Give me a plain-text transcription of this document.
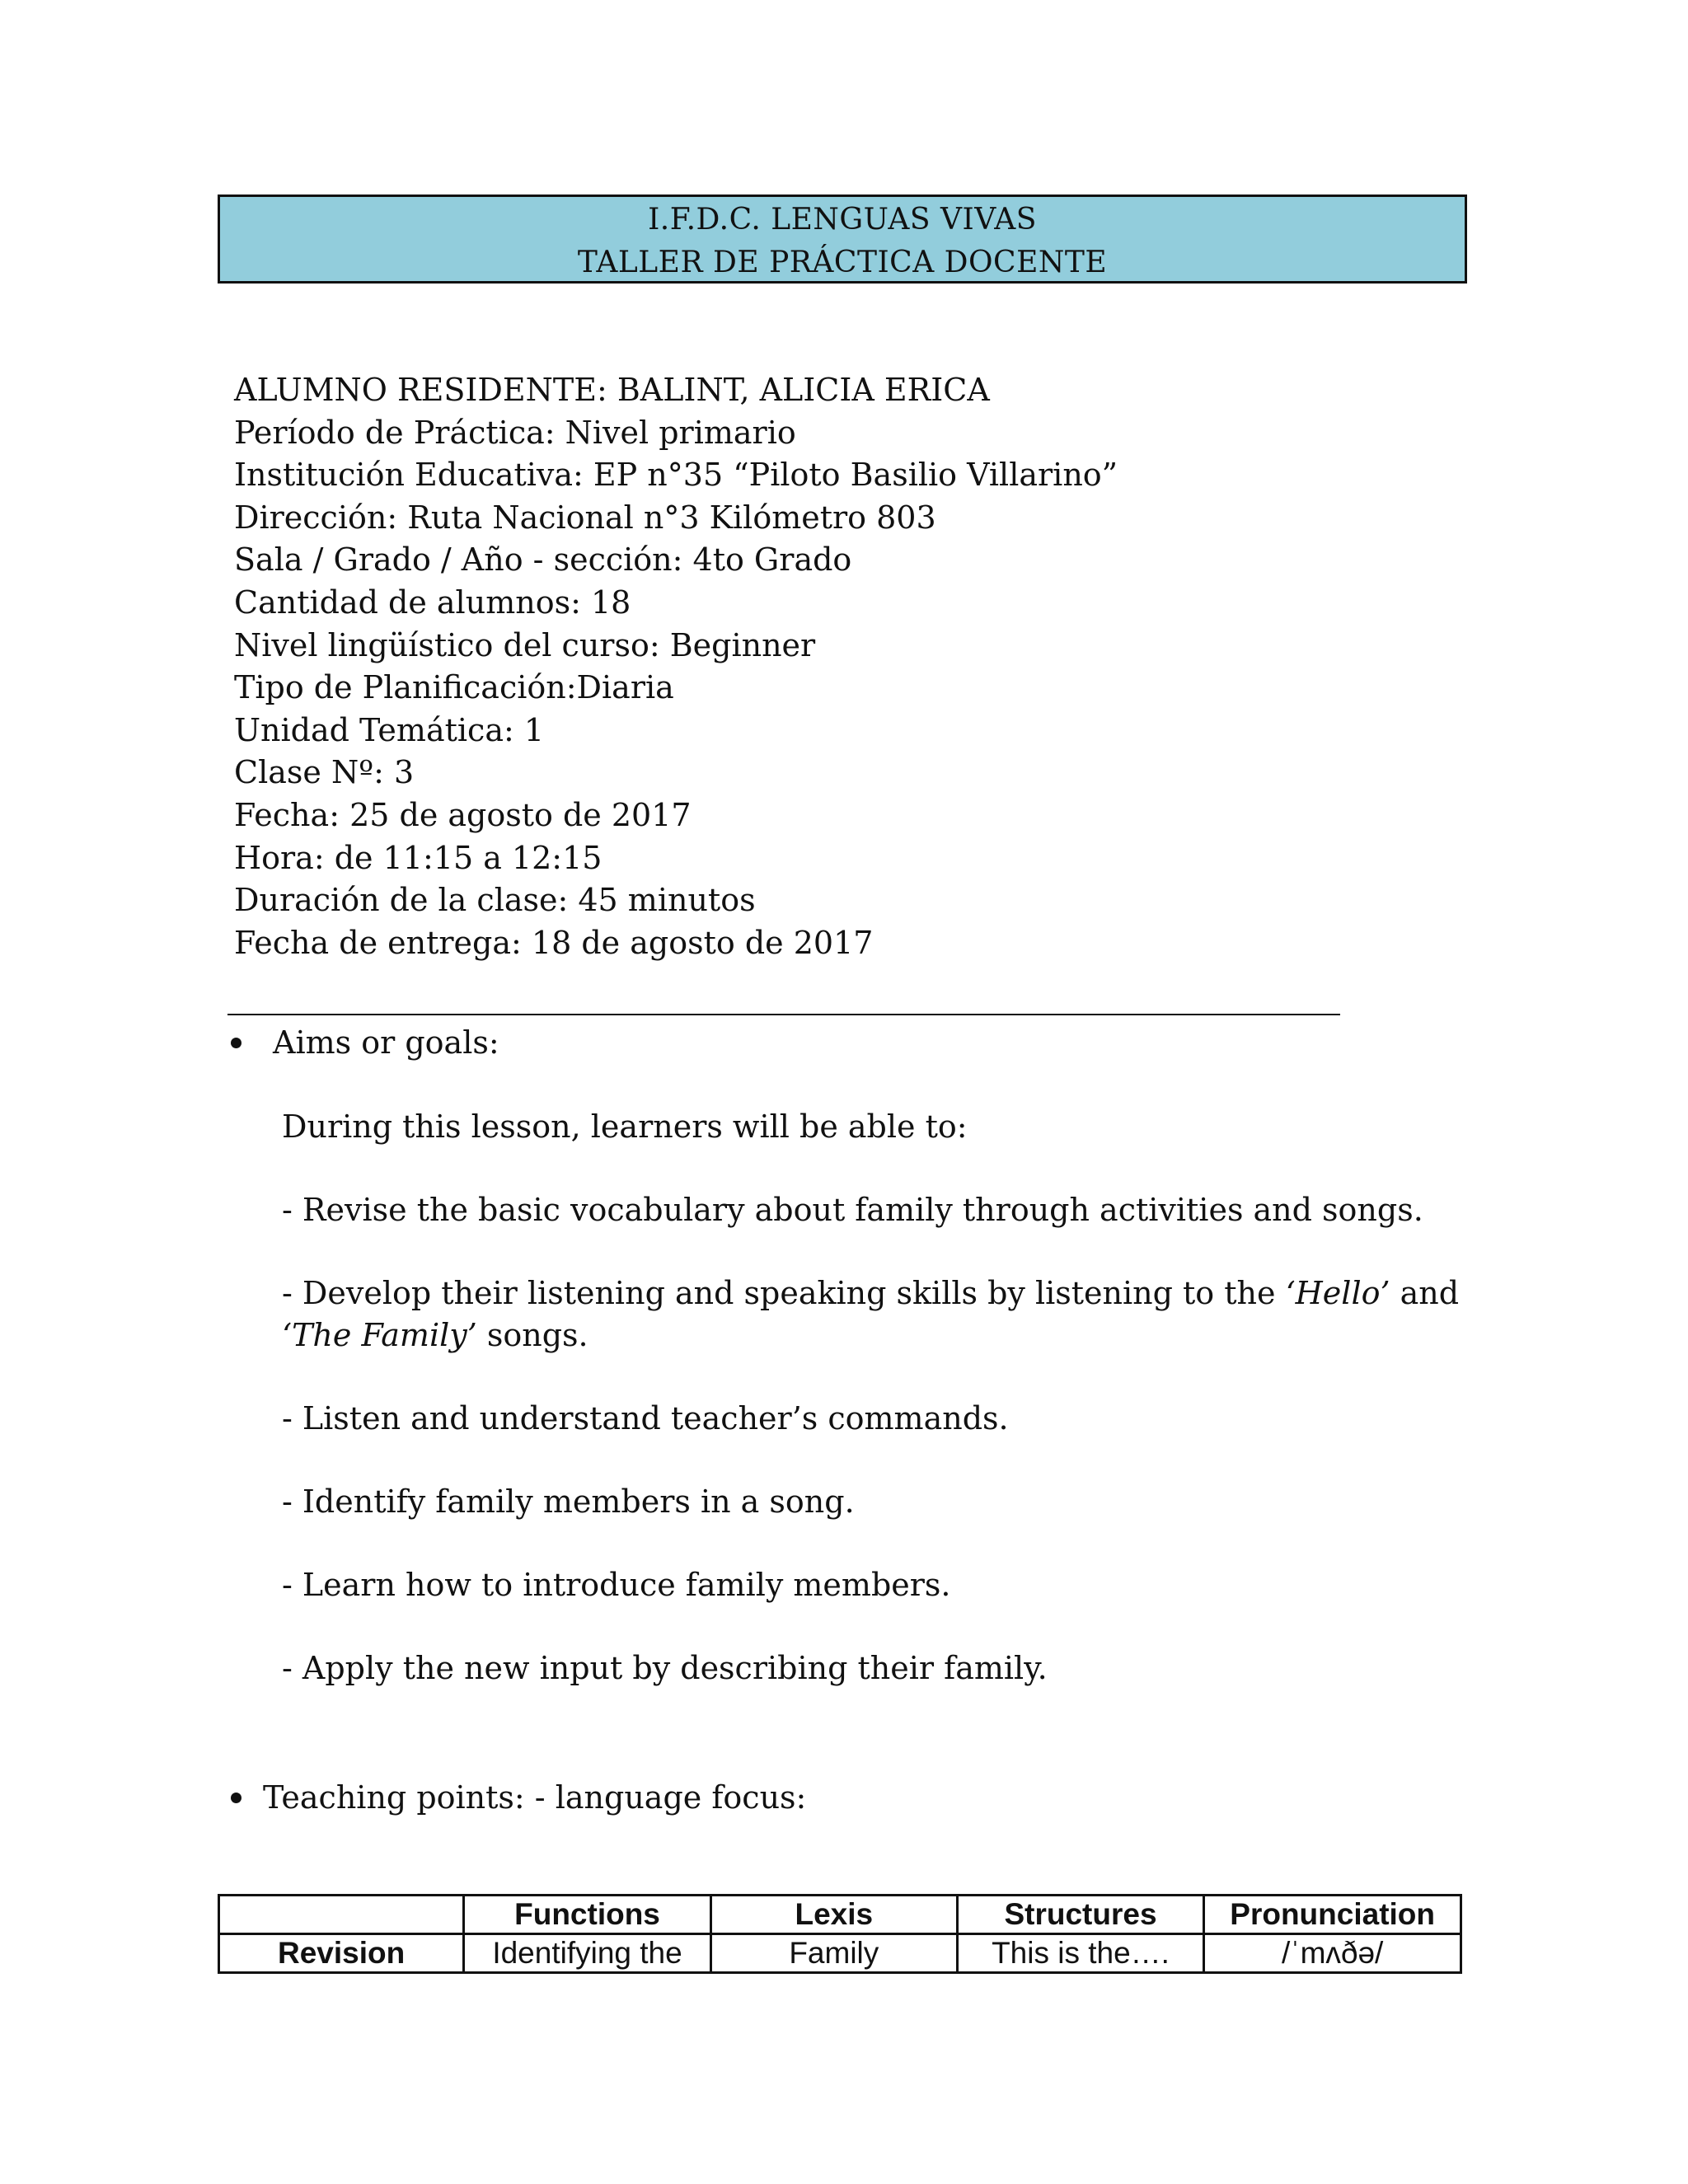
I.F.D.C. LENGUAS VIVAS
TALLER DE PRÁCTICA DOCENTE
ALUMNO RESIDENTE: BALINT, ALICIA ERICA
Período de Práctica: Nivel primario
Institución Educativa: EP n°35 “Piloto Basilio Villarino”
Dirección: Ruta Nacional n°3 Kilómetro 803
Sala / Grado / Año - sección: 4to Grado
Cantidad de alumnos: 18
Nivel lingüístico del curso: Beginner
Tipo de Planificación:Diaria
Unidad Temática: 1
Clase Nº: 3
Fecha: 25 de agosto de 2017
Hora: de 11:15 a 12:15
Duración de la clase: 45 minutos
Fecha de entrega: 18 de agosto de 2017
Aims or goals:
During this lesson, learners will be able to:
- Revise the basic vocabulary about family through activities and songs.
- Develop their listening and speaking skills by listening to the ‘Hello’ and
‘The Family’ songs.
- Listen and understand teacher’s commands.
- Identify family members in a song.
- Learn how to introduce family members.
- Apply the new input by describing their family.
Teaching points: - language focus:
	Functions	Lexis	Structures	Pronunciation
Revision	Identifying the	Family	This is the….	/ˈmʌðə/
